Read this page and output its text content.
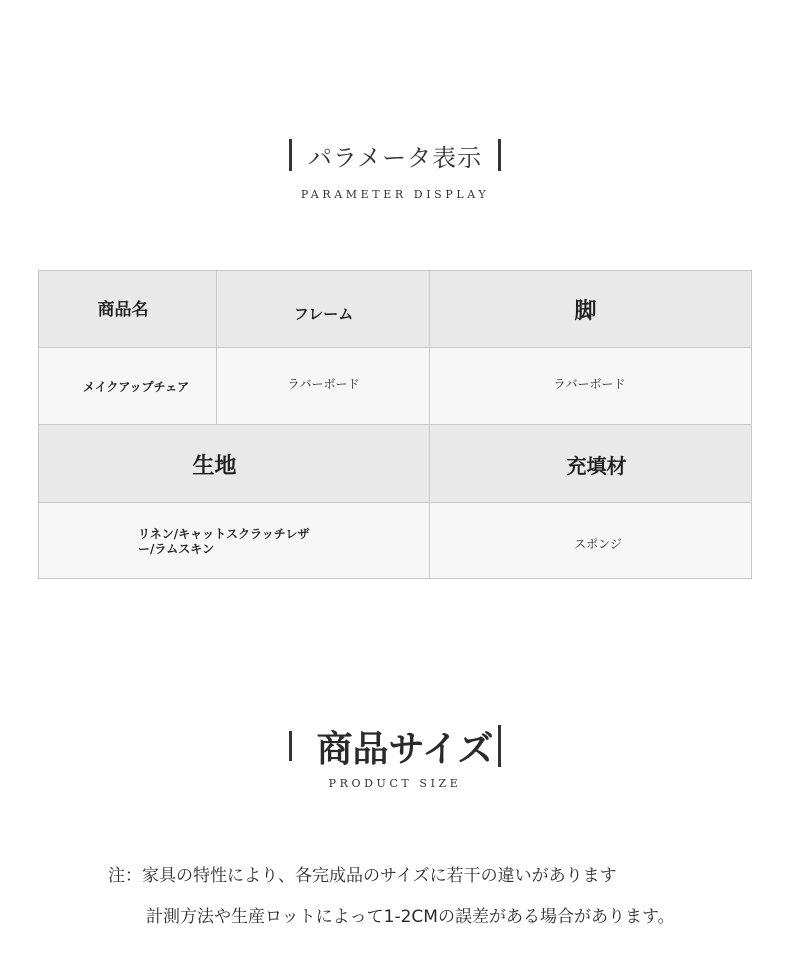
パラメータ表示
PARAMETER DISPLAY
商品名	フレーム	脚
メイクアップチェア	ラバーボード	ラバーボード
生地	充填材
リネン/キャットスクラッチレザ
ー/ラムスキン	スポンジ
商品サイズ
PRODUCT SIZE
注：家具の特性により、各完成品のサイズに若干の違いがあります
計測方法や生産ロットによって1-2CMの誤差がある場合があります。
